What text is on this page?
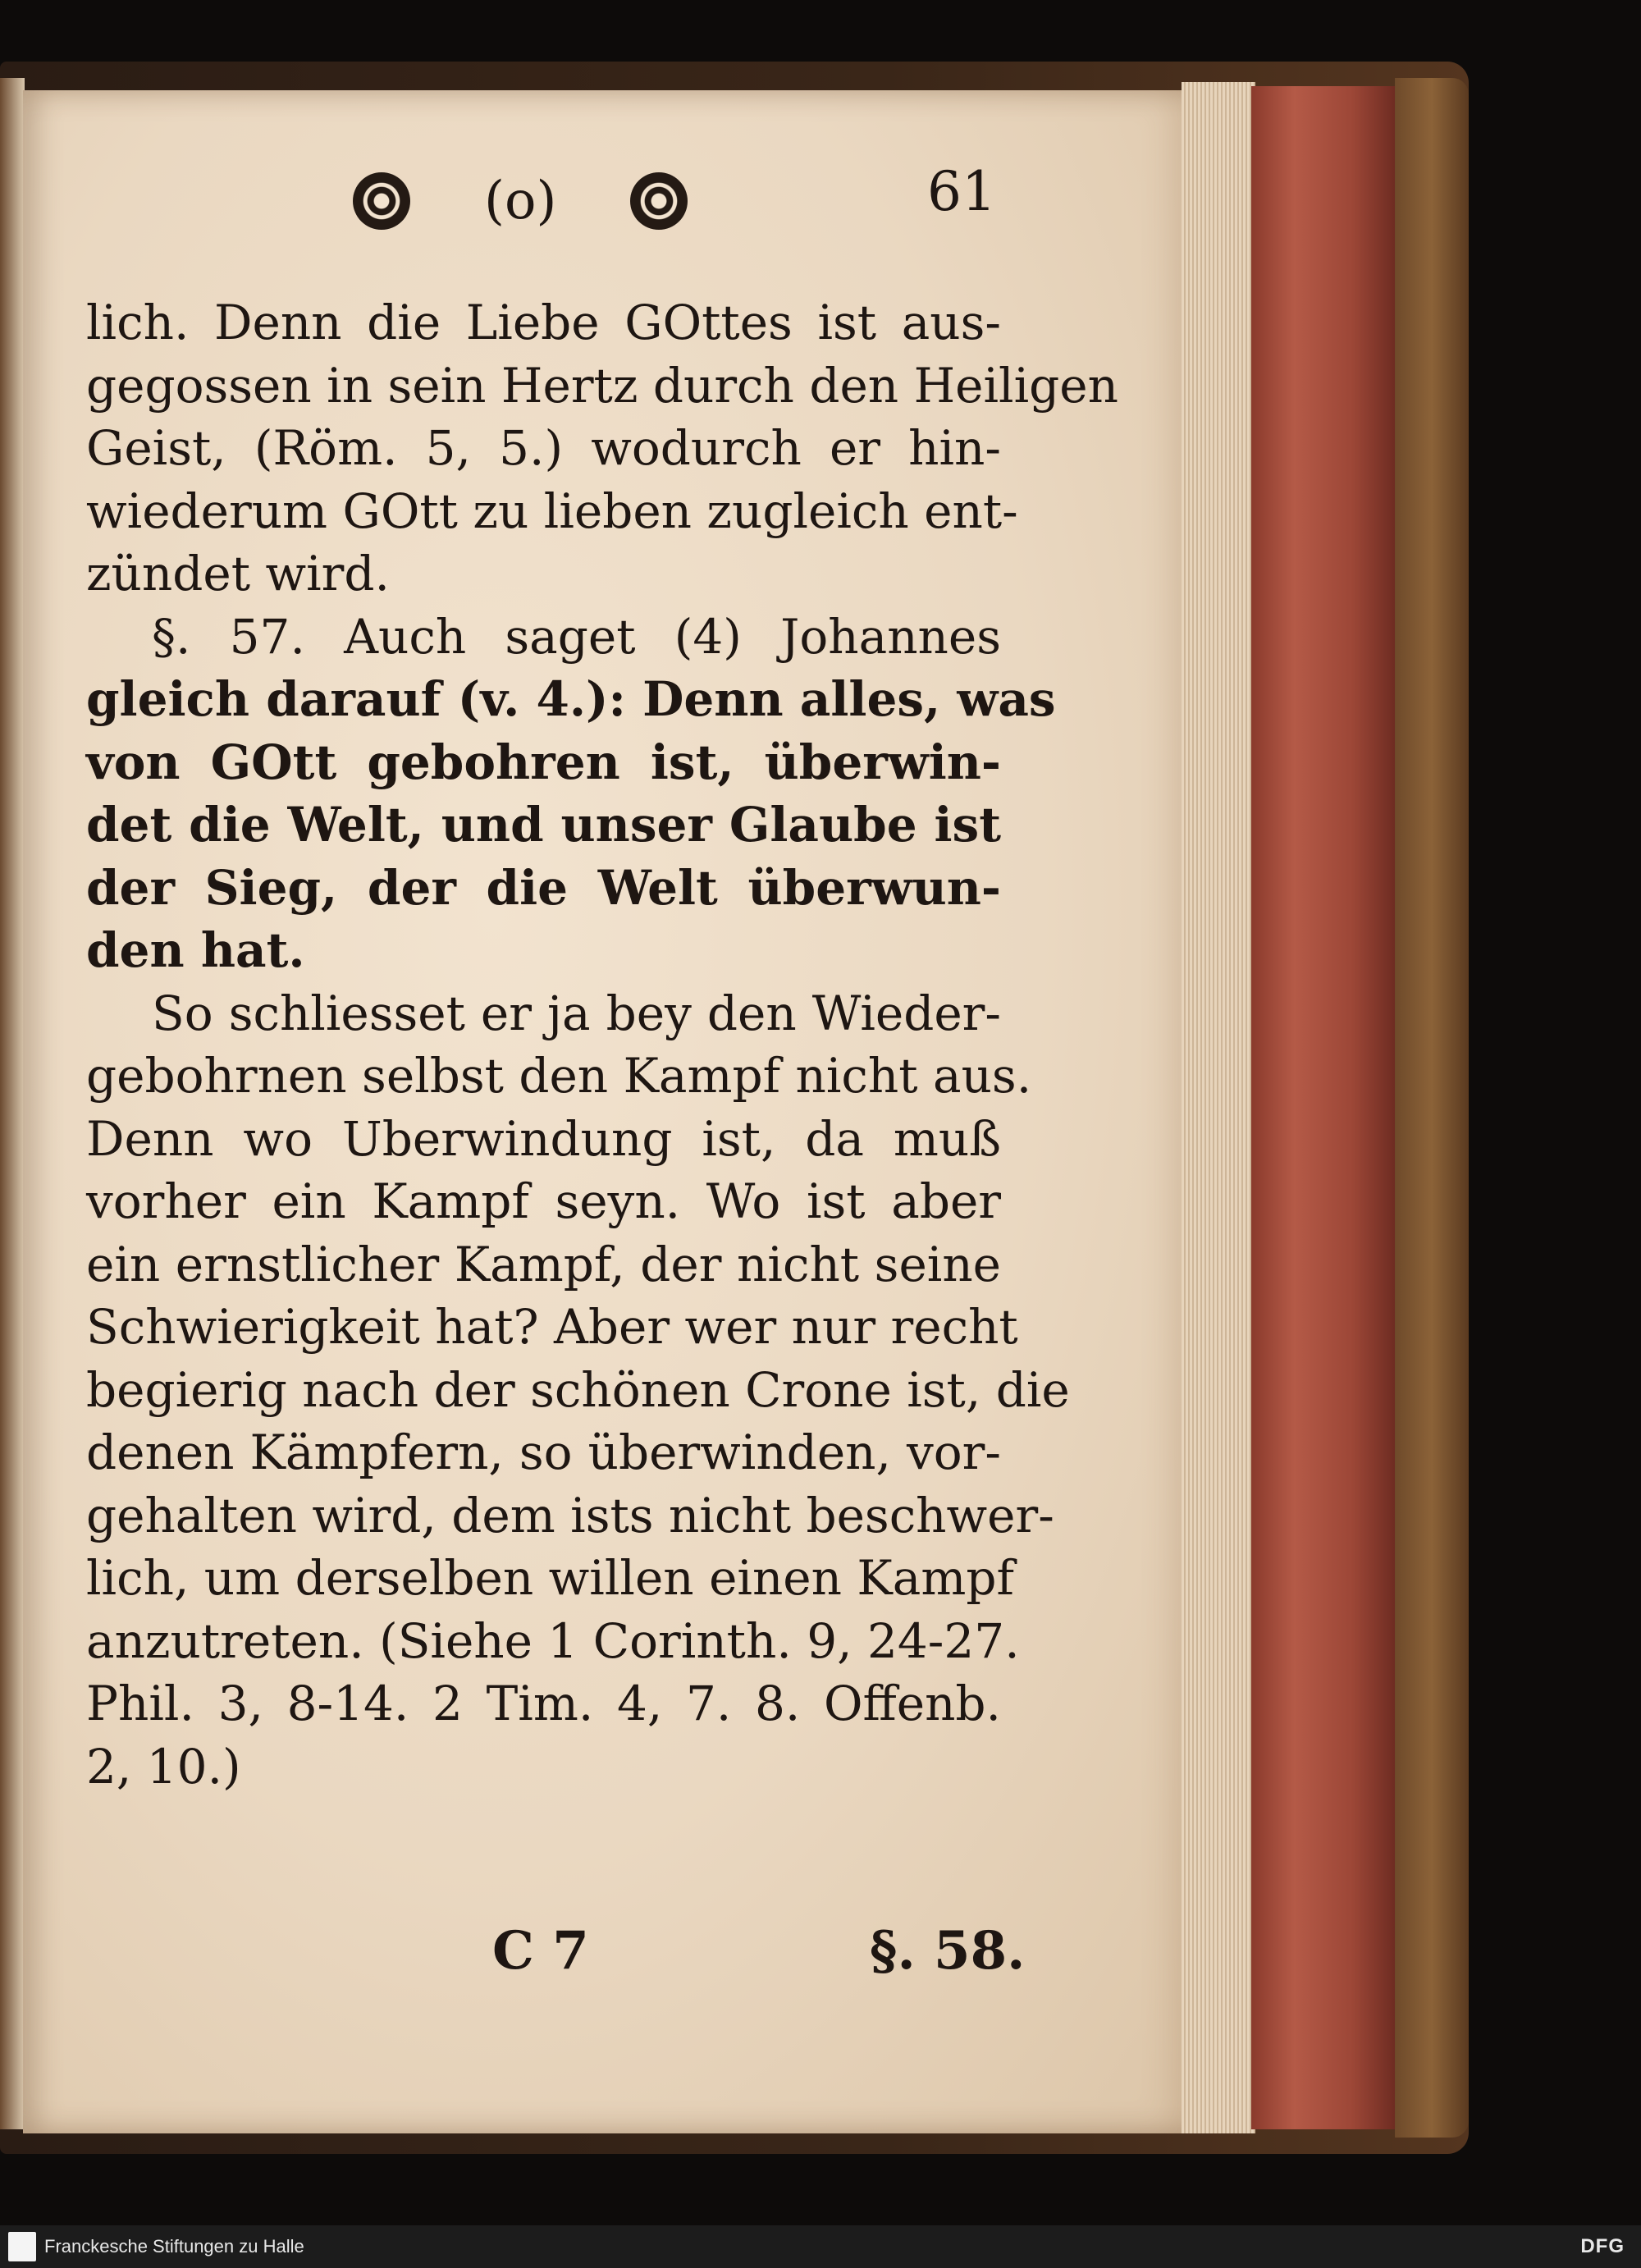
(o)	61
lich. Denn die Liebe GOttes ist aus-
gegossen in sein Hertz durch den Heiligen
Geist, (Röm. 5, 5.) wodurch er hin-
wiederum GOtt zu lieben zugleich ent-
zündet wird.
§. 57. Auch saget (4) Johannes
gleich darauf (v. 4.): Denn alles, was
von GOtt gebohren ist, überwin-
det die Welt, und unser Glaube ist
der Sieg, der die Welt überwun-
den hat.
So schliesset er ja bey den Wieder-
gebohrnen selbst den Kampf nicht aus.
Denn wo Uberwindung ist, da muß
vorher ein Kampf seyn. Wo ist aber
ein ernstlicher Kampf, der nicht seine
Schwierigkeit hat? Aber wer nur recht
begierig nach der schönen Crone ist, die
denen Kämpfern, so überwinden, vor-
gehalten wird, dem ists nicht beschwer-
lich, um derselben willen einen Kampf
anzutreten. (Siehe 1 Corinth. 9, 24-27.
Phil. 3, 8-14. 2 Tim. 4, 7. 8. Offenb.
2, 10.)
C 7	§. 58.
Franckesche Stiftungen zu Halle	DFG
